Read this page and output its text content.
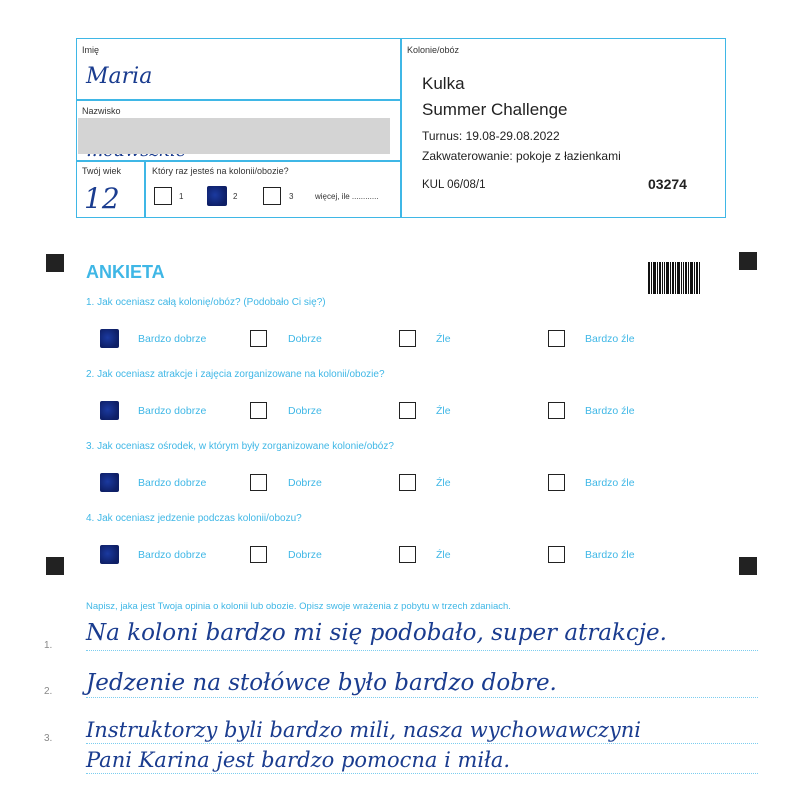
Imię
Maria
Nazwisko
Twój wiek
12
Który raz jesteś na kolonii/obozie?
1	2	3	więcej, ile ............
Kolonie/obóz
Kulka
Summer Challenge
Turnus: 19.08-29.08.2022
Zakwaterowanie: pokoje z łazienkami
KUL 06/08/1	03274
ANKIETA
1. Jak oceniasz całą kolonię/obóz? (Podobało Ci się?)
Bardzo dobrze	Dobrze	Źle	Bardzo źle
2. Jak oceniasz atrakcje i zajęcia zorganizowane na kolonii/obozie?
Bardzo dobrze	Dobrze	Źle	Bardzo źle
3. Jak oceniasz ośrodek, w którym były zorganizowane kolonie/obóz?
Bardzo dobrze	Dobrze	Źle	Bardzo źle
4. Jak oceniasz jedzenie podczas kolonii/obozu?
Bardzo dobrze	Dobrze	Źle	Bardzo źle
Napisz, jaka jest Twoja opinia o kolonii lub obozie. Opisz swoje wrażenia z pobytu w trzech zdaniach.
1.
2.
3.
Na koloni bardzo mi się podobało, super atrakcje.
Jedzenie na stołówce było bardzo dobre.
Instruktorzy byli bardzo mili, nasza wychowawczyni
Pani Karina jest bardzo pomocna i miła.
